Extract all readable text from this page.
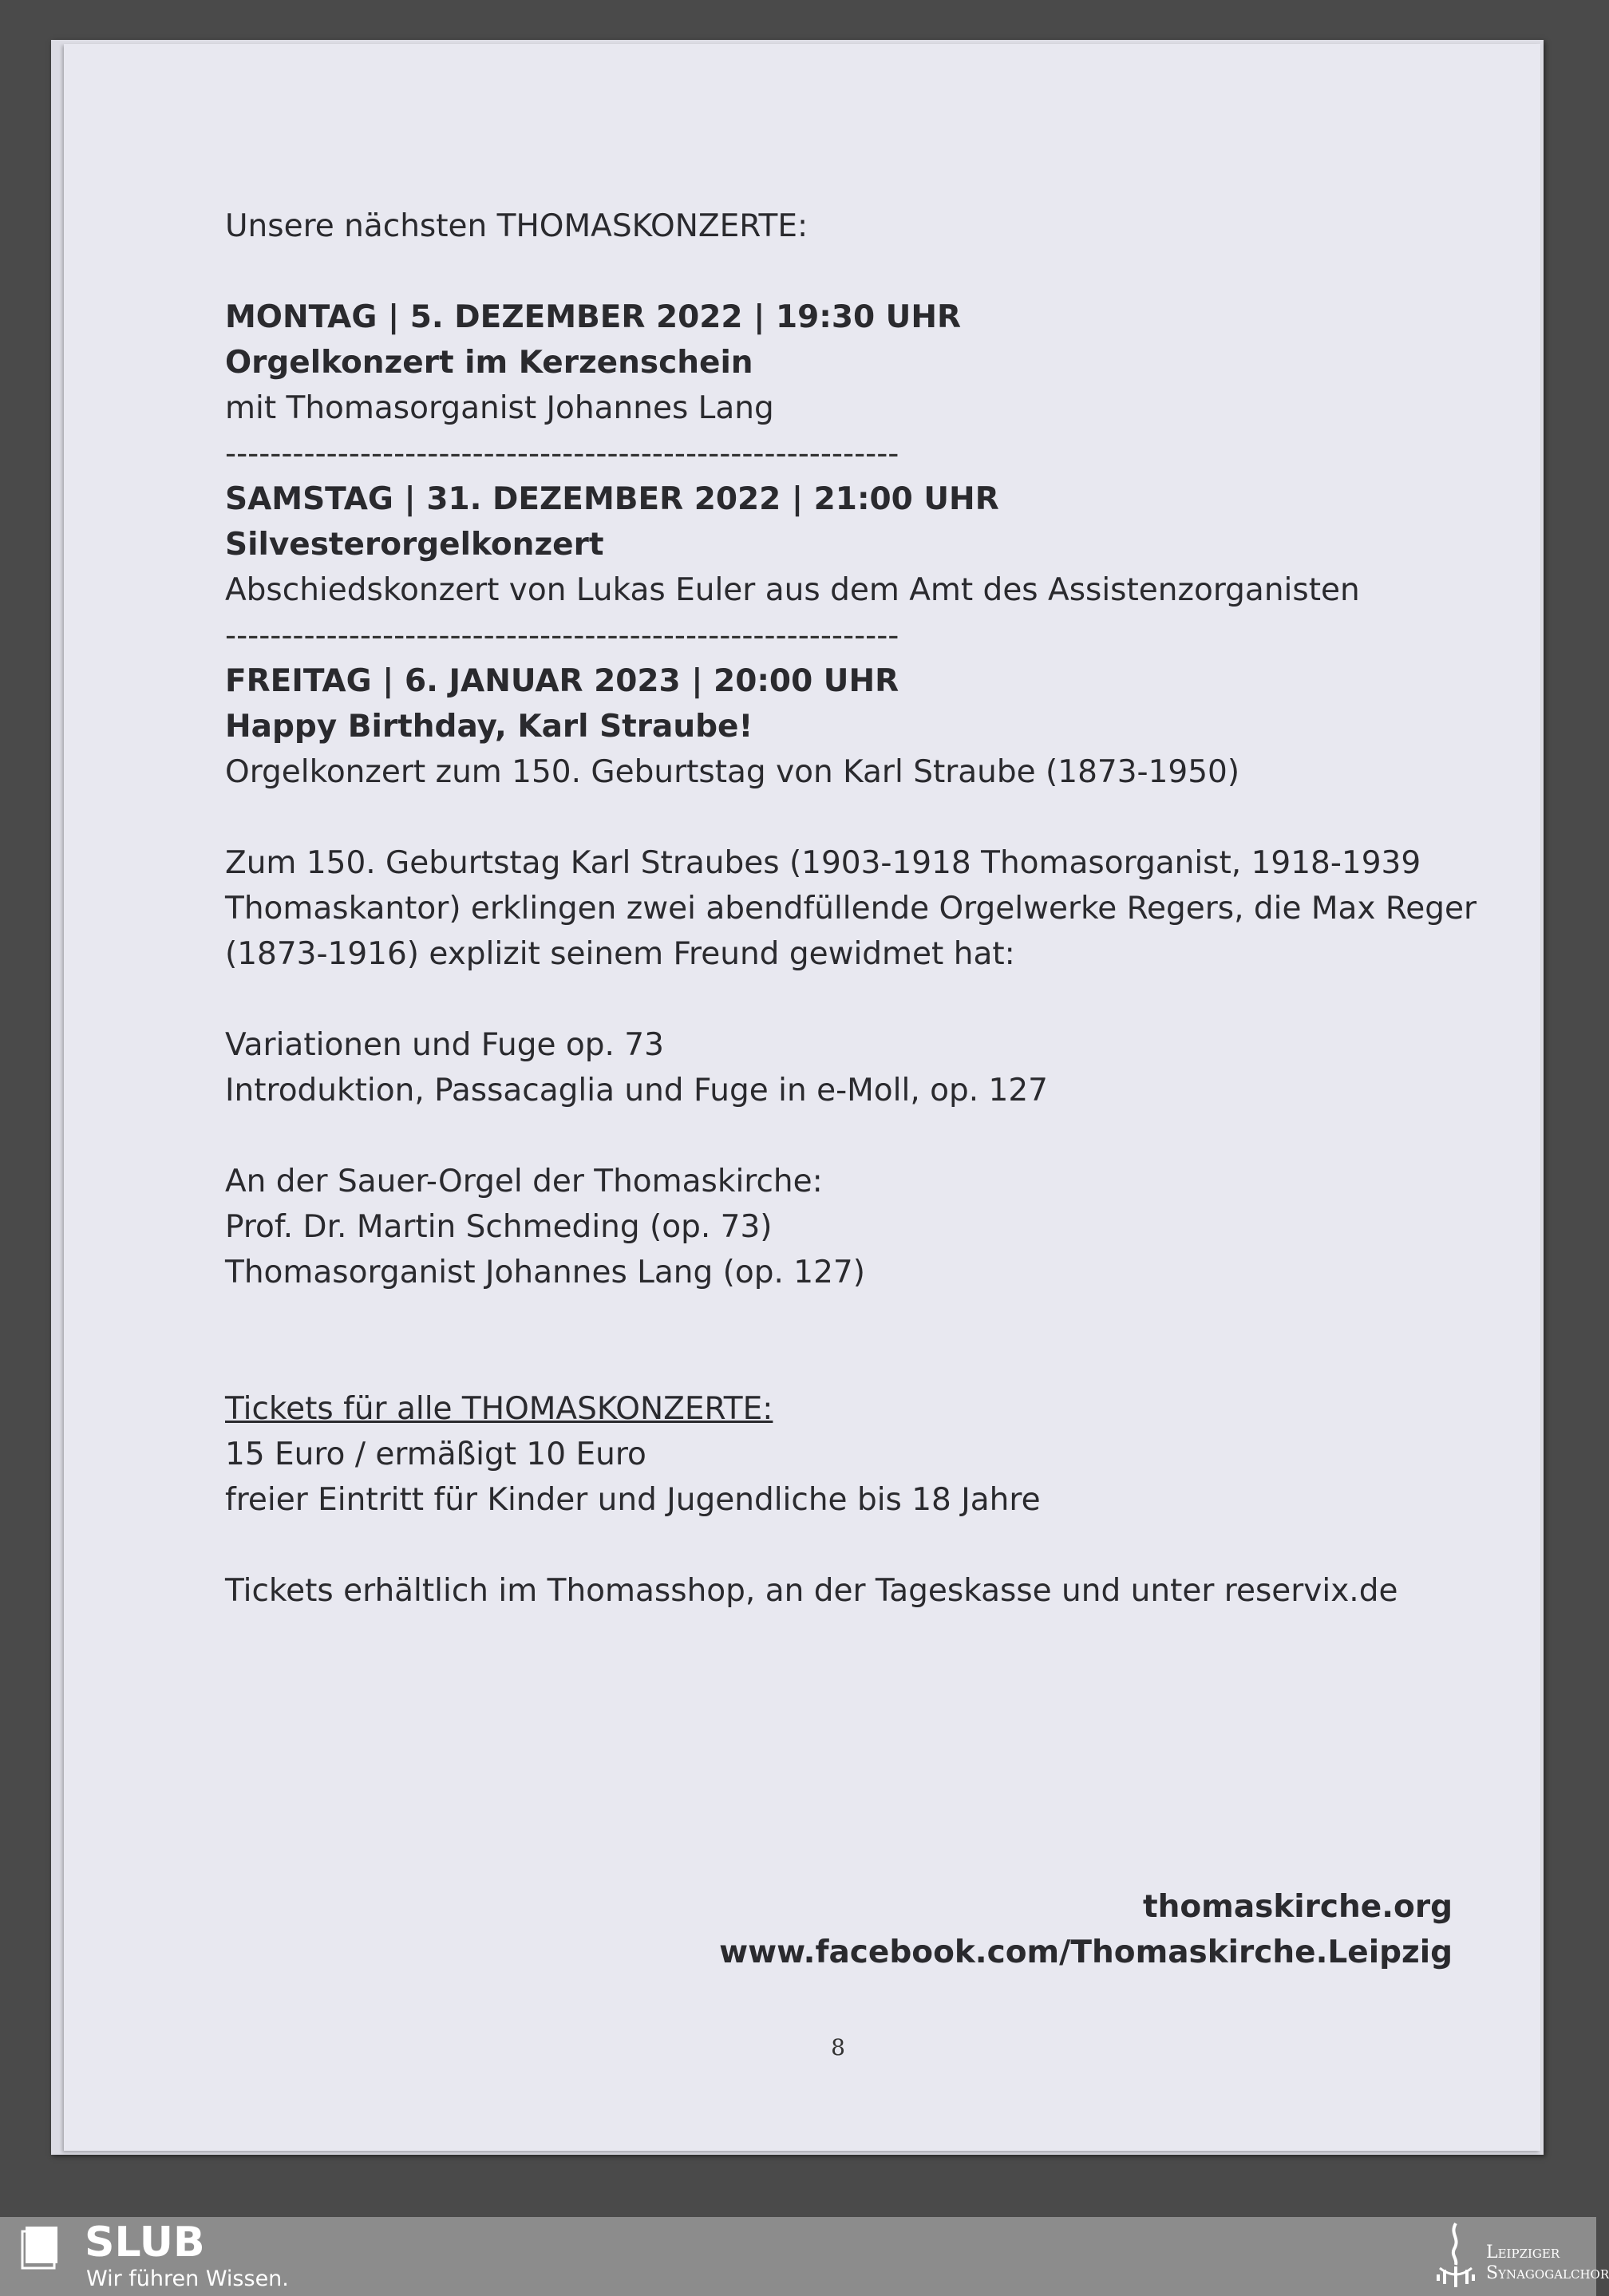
Unsere nächsten THOMASKONZERTE:
MONTAG | 5. DEZEMBER 2022 | 19:30 UHR
Orgelkonzert im Kerzenschein
mit Thomasorganist Johannes Lang
------------------------------------------------------------
SAMSTAG | 31. DEZEMBER 2022 | 21:00 UHR
Silvesterorgelkonzert
Abschiedskonzert von Lukas Euler aus dem Amt des Assistenzorganisten
------------------------------------------------------------
FREITAG | 6. JANUAR 2023 | 20:00 UHR
Happy Birthday, Karl Straube!
Orgelkonzert zum 150. Geburtstag von Karl Straube (1873-1950)
Zum 150. Geburtstag Karl Straubes (1903-1918 Thomasorganist, 1918-1939
Thomaskantor) erklingen zwei abendfüllende Orgelwerke Regers, die Max Reger
(1873-1916) explizit seinem Freund gewidmet hat:
Variationen und Fuge op. 73
Introduktion, Passacaglia und Fuge in e-Moll, op. 127
An der Sauer-Orgel der Thomaskirche:
Prof. Dr. Martin Schmeding (op. 73)
Thomasorganist Johannes Lang (op. 127)
Tickets für alle THOMASKONZERTE:
15 Euro / ermäßigt 10 Euro
freier Eintritt für Kinder und Jugendliche bis 18 Jahre
Tickets erhältlich im Thomasshop, an der Tageskasse und unter reservix.de
thomaskirche.org
www.facebook.com/Thomaskirche.Leipzig
8
SLUB
Wir führen Wissen.
Leipziger
Synagogalchor
